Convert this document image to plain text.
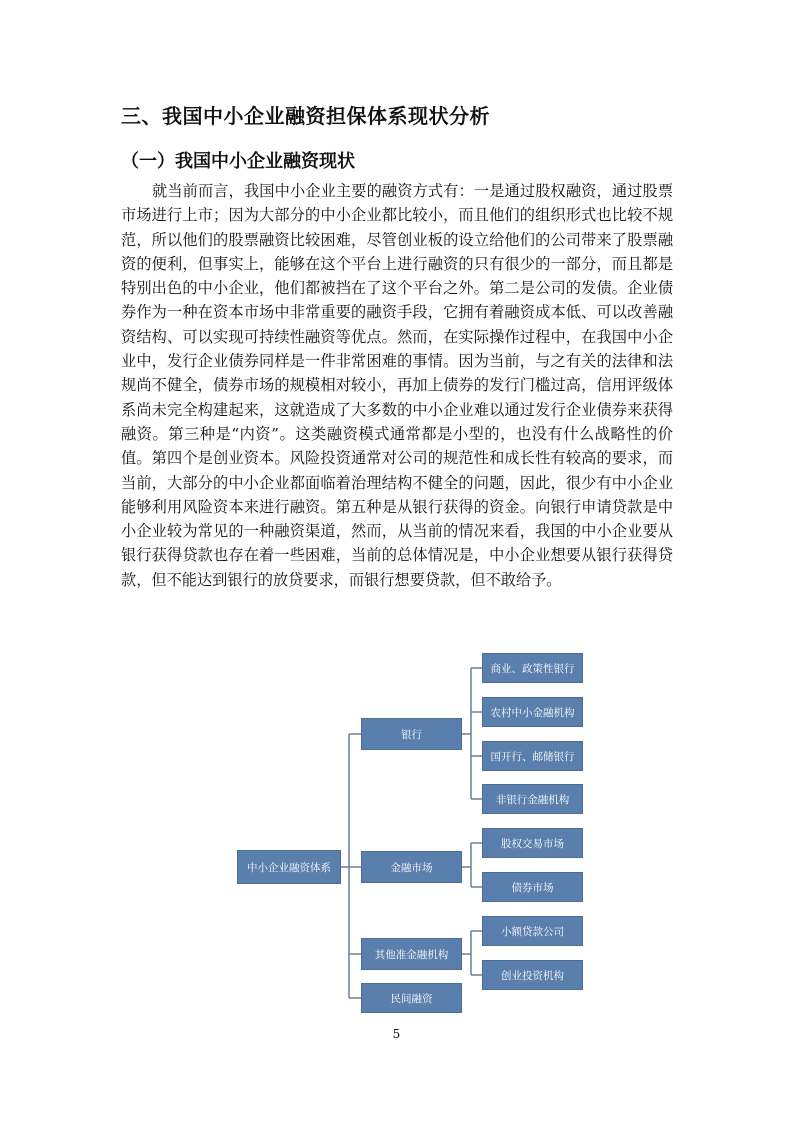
三、我国中小企业融资担保体系现状分析
（一）我国中小企业融资现状

就当前而言，我国中小企业主要的融资方式有：一是通过股权融资，通过股票市场进行上市；因为大部分的中小企业都比较小，而且他们的组织形式也比较不规范，所以他们的股票融资比较困难，尽管创业板的设立给他们的公司带来了股票融资的便利，但事实上，能够在这个平台上进行融资的只有很少的一部分，而且都是特别出色的中小企业，他们都被挡在了这个平台之外。第二是公司的发债。企业债券作为一种在资本市场中非常重要的融资手段，它拥有着融资成本低、可以改善融资结构、可以实现可持续性融资等优点。然而，在实际操作过程中，在我国中小企业中，发行企业债券同样是一件非常困难的事情。因为当前，与之有关的法律和法规尚不健全，债券市场的规模相对较小，再加上债券的发行门槛过高，信用评级体系尚未完全构建起来，这就造成了大多数的中小企业难以通过发行企业债券来获得融资。第三种是“内资”。这类融资模式通常都是小型的，也没有什么战略性的价值。第四个是创业资本。风险投资通常对公司的规范性和成长性有较高的要求，而当前，大部分的中小企业都面临着治理结构不健全的问题，因此，很少有中小企业能够利用风险资本来进行融资。第五种是从银行获得的资金。向银行申请贷款是中小企业较为常见的一种融资渠道，然而，从当前的情况来看，我国的中小企业要从银行获得贷款也存在着一些困难，当前的总体情况是，中小企业想要从银行获得贷款，但不能达到银行的放贷要求，而银行想要贷款，但不敢给予。

中小企业融资体系
银行
金融市场
其他准金融机构
民间融资
商业、政策性银行
农村中小金融机构
国开行、邮储银行
非银行金融机构
股权交易市场
债券市场
小额贷款公司
创业投资机构
5
